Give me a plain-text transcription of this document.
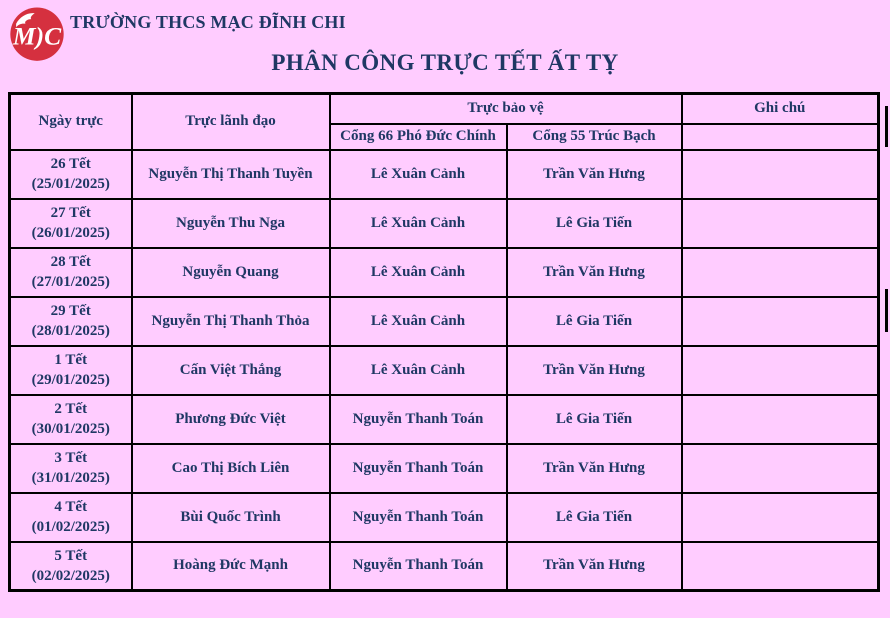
M)C TRƯỜNG THCS MẠC ĐĨNH CHI
PHÂN CÔNG TRỰC TẾT ẤT TỴ
Ngày trực	Trực lãnh đạo	Trực bảo vệ		Ghi chú
		Cổng 66 Phó Đức Chính	Cổng 55 Trúc Bạch	

26 Tết
(25/01/2025)	Nguyễn Thị Thanh Tuyền	Lê Xuân Cảnh	Trần Văn Hưng	

27 Tết
(26/01/2025)	Nguyễn Thu Nga	Lê Xuân Cảnh	Lê Gia Tiến	

28 Tết
(27/01/2025)	Nguyễn Quang	Lê Xuân Cảnh	Trần Văn Hưng	

29 Tết
(28/01/2025)	Nguyễn Thị Thanh Thỏa	Lê Xuân Cảnh	Lê Gia Tiến	

1 Tết
(29/01/2025)	Cấn Việt Thắng	Lê Xuân Cảnh	Trần Văn Hưng	

2 Tết
(30/01/2025)	Phương Đức Việt	Nguyễn Thanh Toán	Lê Gia Tiến	

3 Tết
(31/01/2025)	Cao Thị Bích Liên	Nguyễn Thanh Toán	Trần Văn Hưng	

4 Tết
(01/02/2025)	Bùi Quốc Trình	Nguyễn Thanh Toán	Lê Gia Tiến	

5 Tết
(02/02/2025)	Hoàng Đức Mạnh	Nguyễn Thanh Toán	Trần Văn Hưng	
